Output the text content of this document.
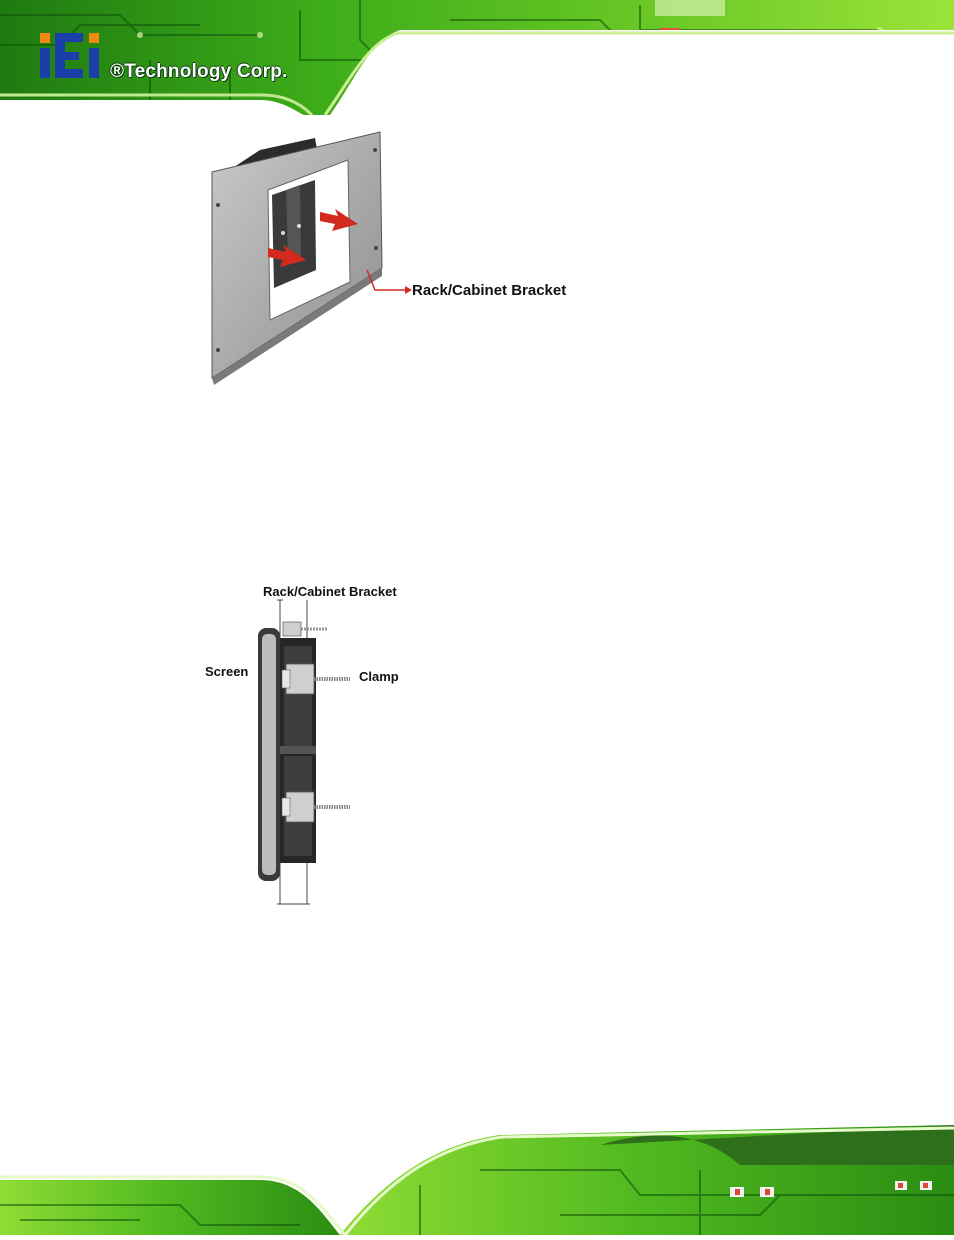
®Technology Corp.
Rack/Cabinet Bracket
Rack/Cabinet Bracket
Screen	Clamp
